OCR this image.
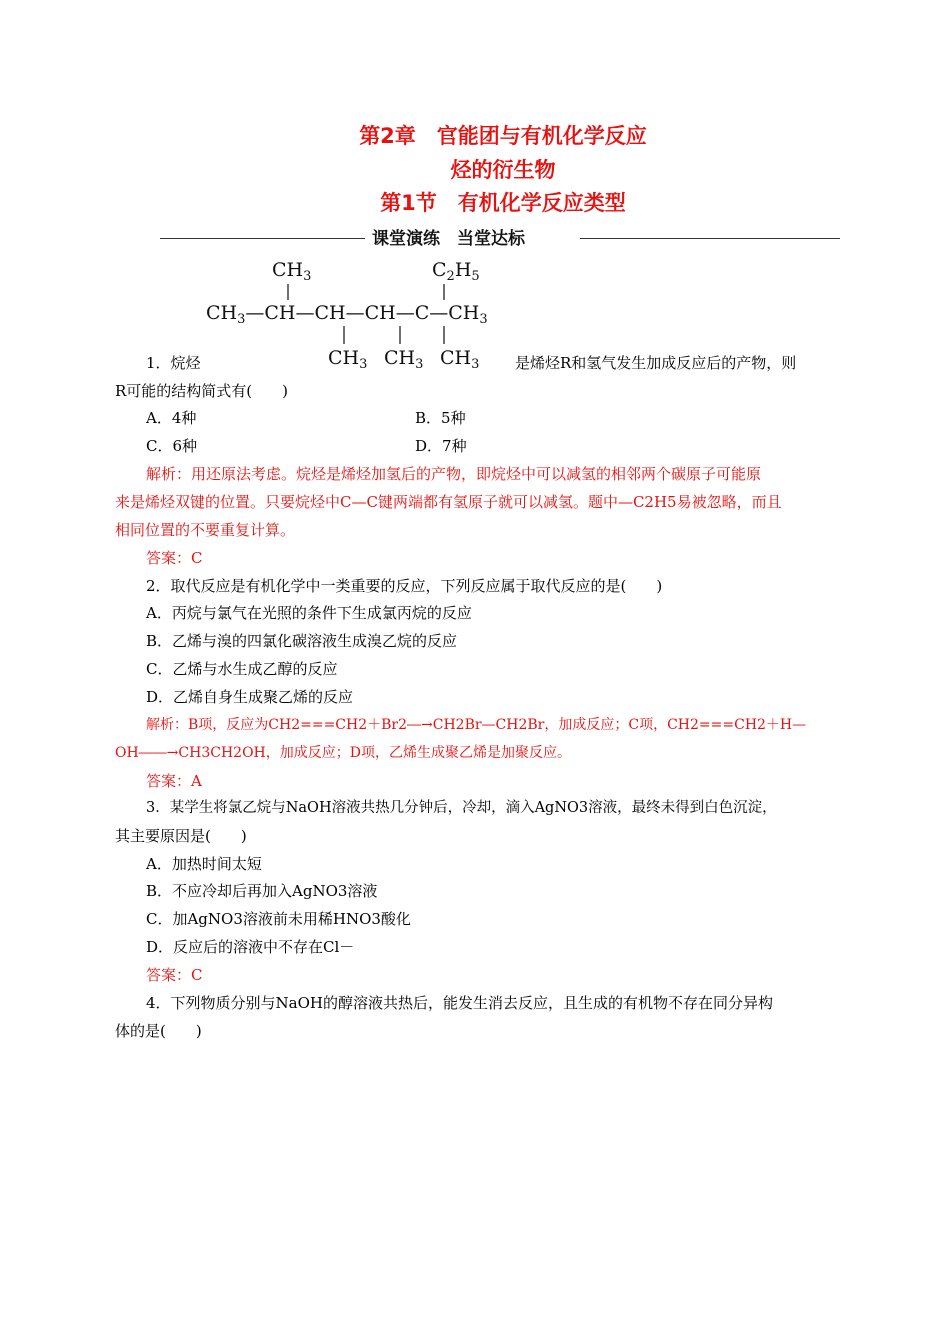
第2章　官能团与有机化学反应
烃的衍生物
第1节　有机化学反应类型
课堂演练　当堂达标
$CH_3$	$C_2H_5$
$CH_3—CH—CH—CH—C—CH_3$
$CH_3$ $CH_3$ $CH_3$
1．烷烃	是烯烃R和氢气发生加成反应后的产物，则
R可能的结构简式有(　　)
A．4种	B．5种
C．6种	D．7种
解析：用还原法考虑。烷烃是烯烃加氢后的产物，即烷烃中可以减氢的相邻两个碳原子可能原
来是烯烃双键的位置。只要烷烃中C—C键两端都有氢原子就可以减氢。题中—C2H5易被忽略，而且
相同位置的不要重复计算。
答案：C
2．取代反应是有机化学中一类重要的反应，下列反应属于取代反应的是(　　)
A．丙烷与氯气在光照的条件下生成氯丙烷的反应
B．乙烯与溴的四氯化碳溶液生成溴乙烷的反应
C．乙烯与水生成乙醇的反应
D．乙烯自身生成聚乙烯的反应
解析：B项，反应为CH2===CH2＋Br2―→CH2Br—CH2Br，加成反应；C项，CH2===CH2＋H—
OH――→CH3CH2OH，加成反应；D项，乙烯生成聚乙烯是加聚反应。
答案：A
3．某学生将氯乙烷与NaOH溶液共热几分钟后，冷却，滴入AgNO3溶液，最终未得到白色沉淀，
其主要原因是(　　)
A．加热时间太短
B．不应冷却后再加入AgNO3溶液
C．加AgNO3溶液前未用稀HNO3酸化
D．反应后的溶液中不存在Cl－
答案：C
4．下列物质分别与NaOH的醇溶液共热后，能发生消去反应，且生成的有机物不存在同分异构
体的是(　　)
